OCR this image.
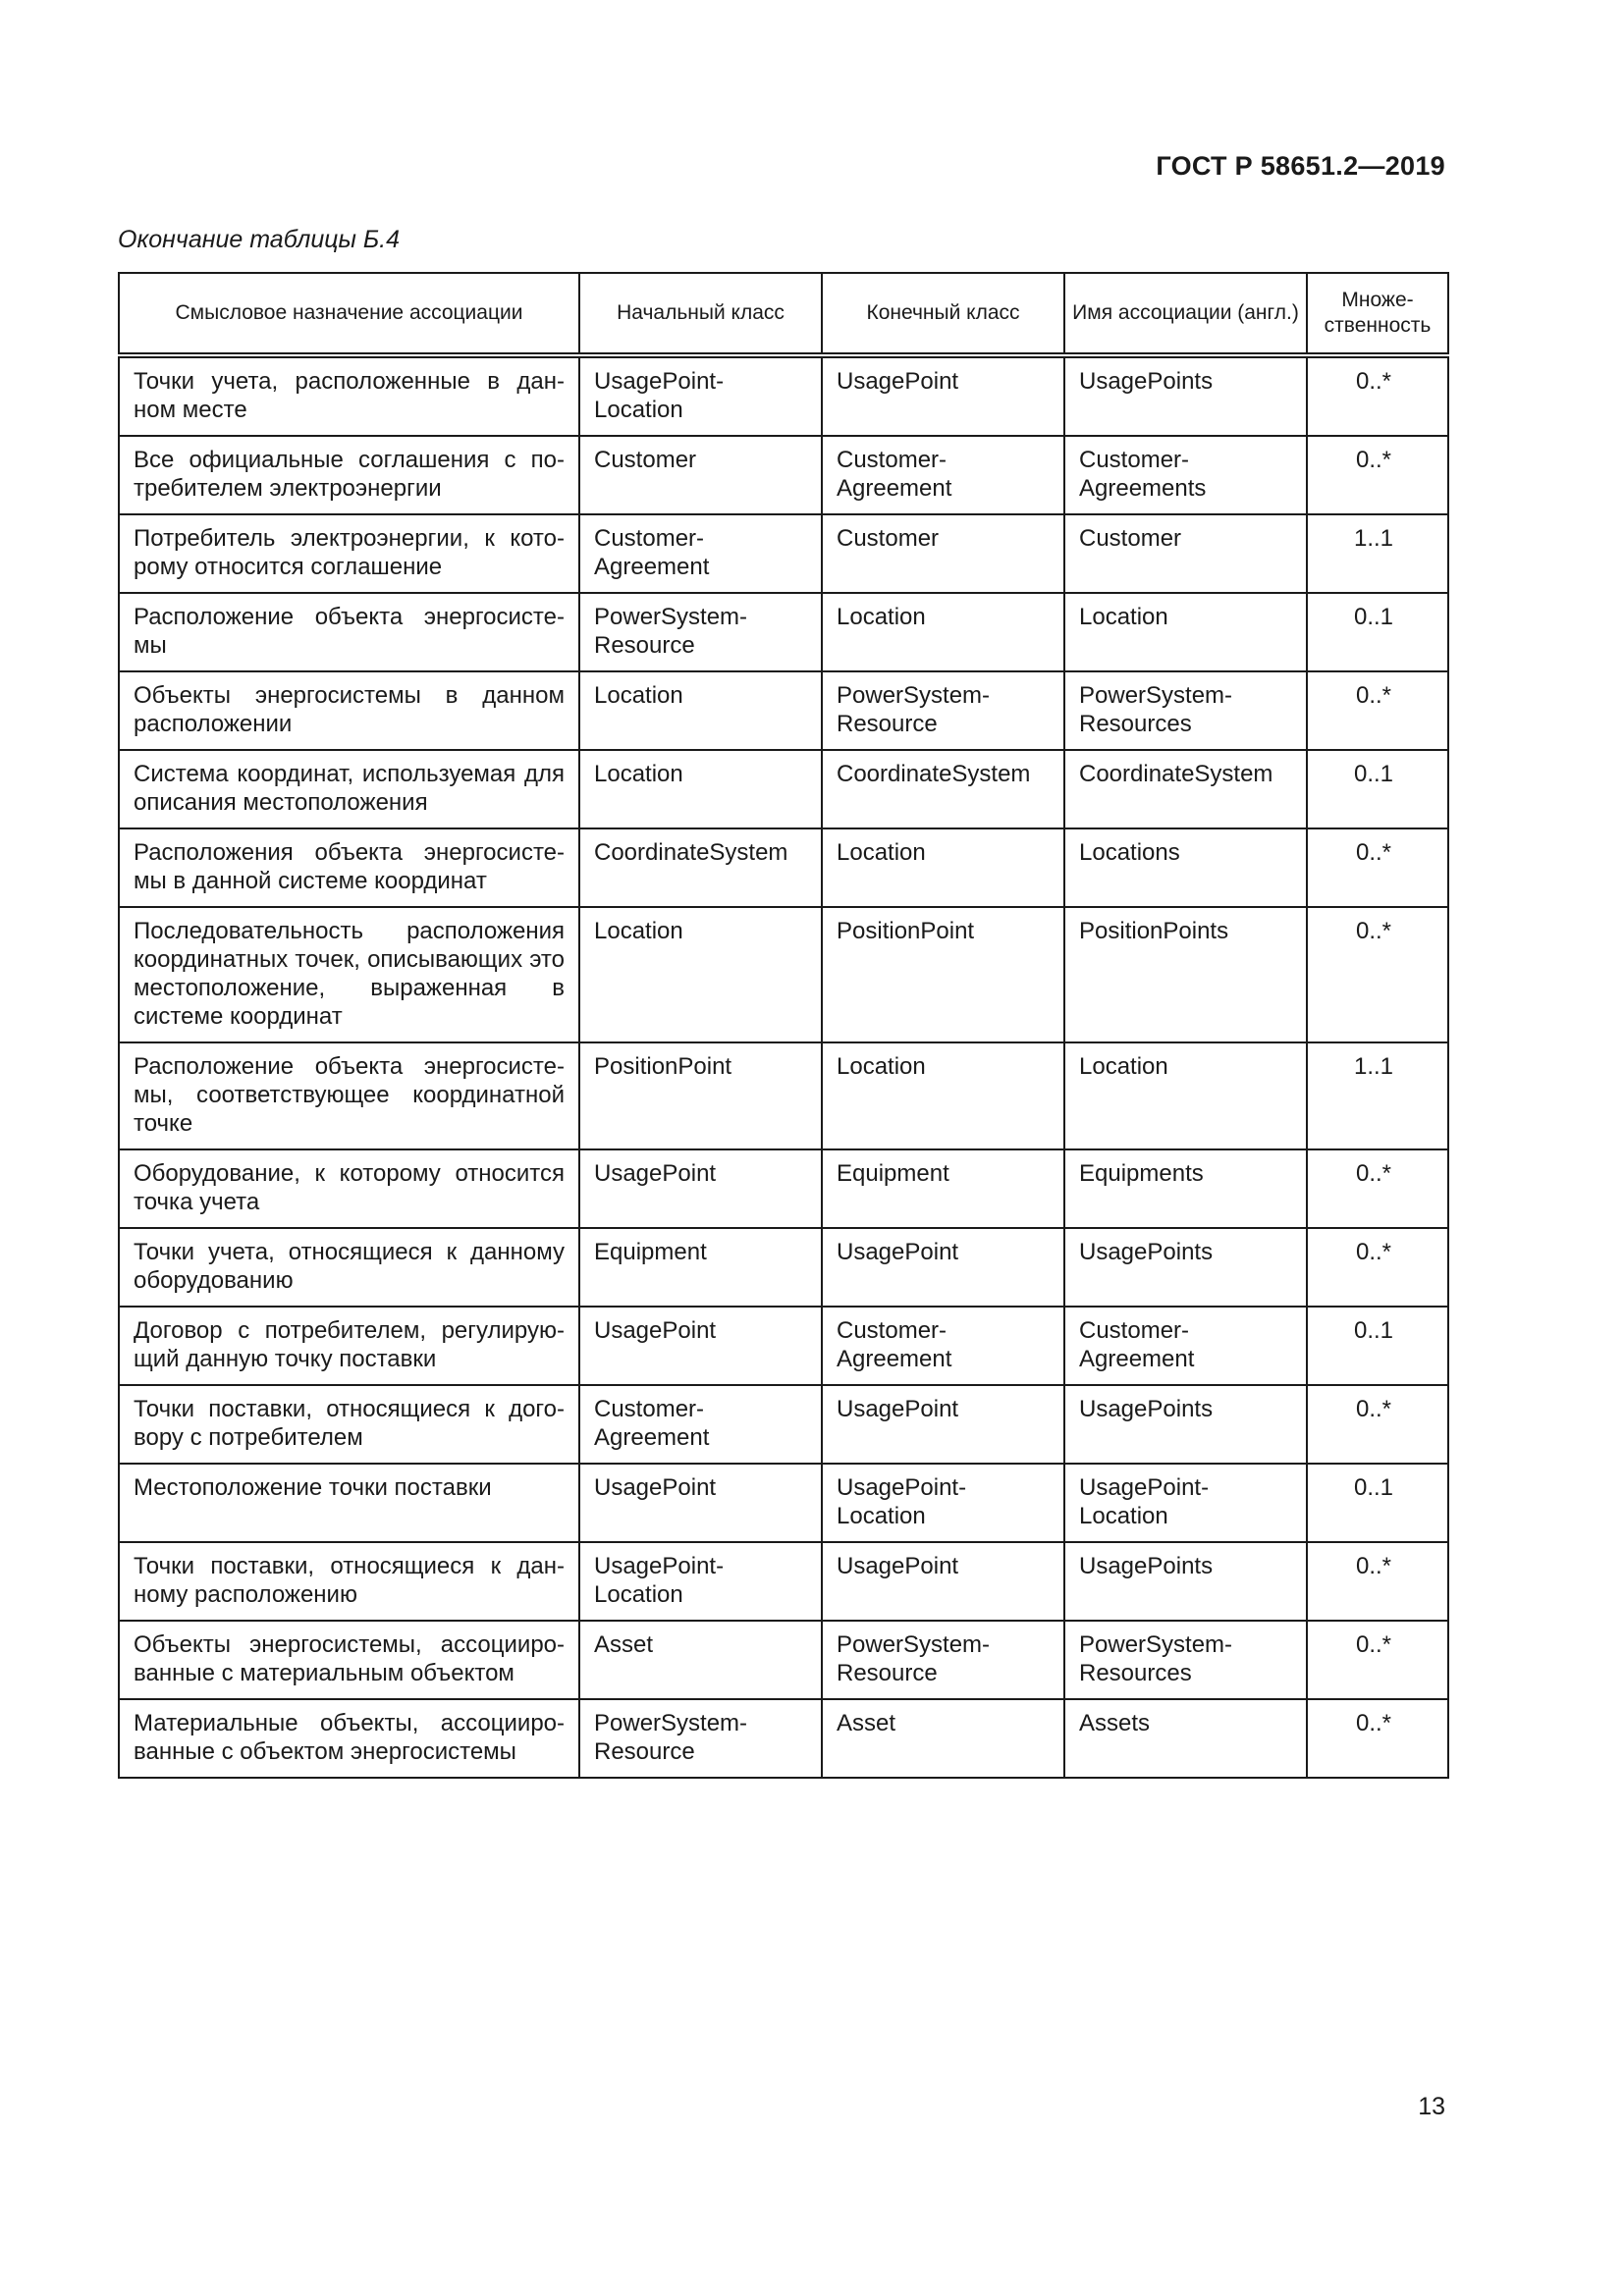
ГОСТ Р 58651.2—2019
Окончание таблицы Б.4
Смысловое назначение ассоциации	Начальный класс	Конечный класс	Имя ассоциации (англ.)	Множе-ственность
Точки учета, расположенные в дан-ном месте	UsagePoint-Location	UsagePoint	UsagePoints	0..*
Все официальные соглашения с по-требителем электроэнергии	Customer	Customer-Agreement	Customer-Agreements	0..*
Потребитель электроэнергии, к кото-рому относится соглашение	Customer-Agreement	Customer	Customer	1..1
Расположение объекта энергосисте-мы	PowerSystem-Resource	Location	Location	0..1
Объекты энергосистемы в данном расположении	Location	PowerSystem-Resource	PowerSystem-Resources	0..*
Система координат, используемая для описания местоположения	Location	CoordinateSystem	CoordinateSystem	0..1
Расположения объекта энергосисте-мы в данной системе координат	CoordinateSystem	Location	Locations	0..*
Последовательность расположения координатных точек, описывающих это местоположение, выраженная в системе координат	Location	PositionPoint	PositionPoints	0..*
Расположение объекта энергосисте-мы, соответствующее координатной точке	PositionPoint	Location	Location	1..1
Оборудование, к которому относится точка учета	UsagePoint	Equipment	Equipments	0..*
Точки учета, относящиеся к данному оборудованию	Equipment	UsagePoint	UsagePoints	0..*
Договор с потребителем, регулирую-щий данную точку поставки	UsagePoint	Customer-Agreement	Customer-Agreement	0..1
Точки поставки, относящиеся к дого-вору с потребителем	Customer-Agreement	UsagePoint	UsagePoints	0..*
Местоположение точки поставки	UsagePoint	UsagePoint-Location	UsagePoint-Location	0..1
Точки поставки, относящиеся к дан-ному расположению	UsagePoint-Location	UsagePoint	UsagePoints	0..*
Объекты энергосистемы, ассоцииро-ванные с материальным объектом	Asset	PowerSystem-Resource	PowerSystem-Resources	0..*
Материальные объекты, ассоцииро-ванные с объектом энергосистемы	PowerSystem-Resource	Asset	Assets	0..*
13
